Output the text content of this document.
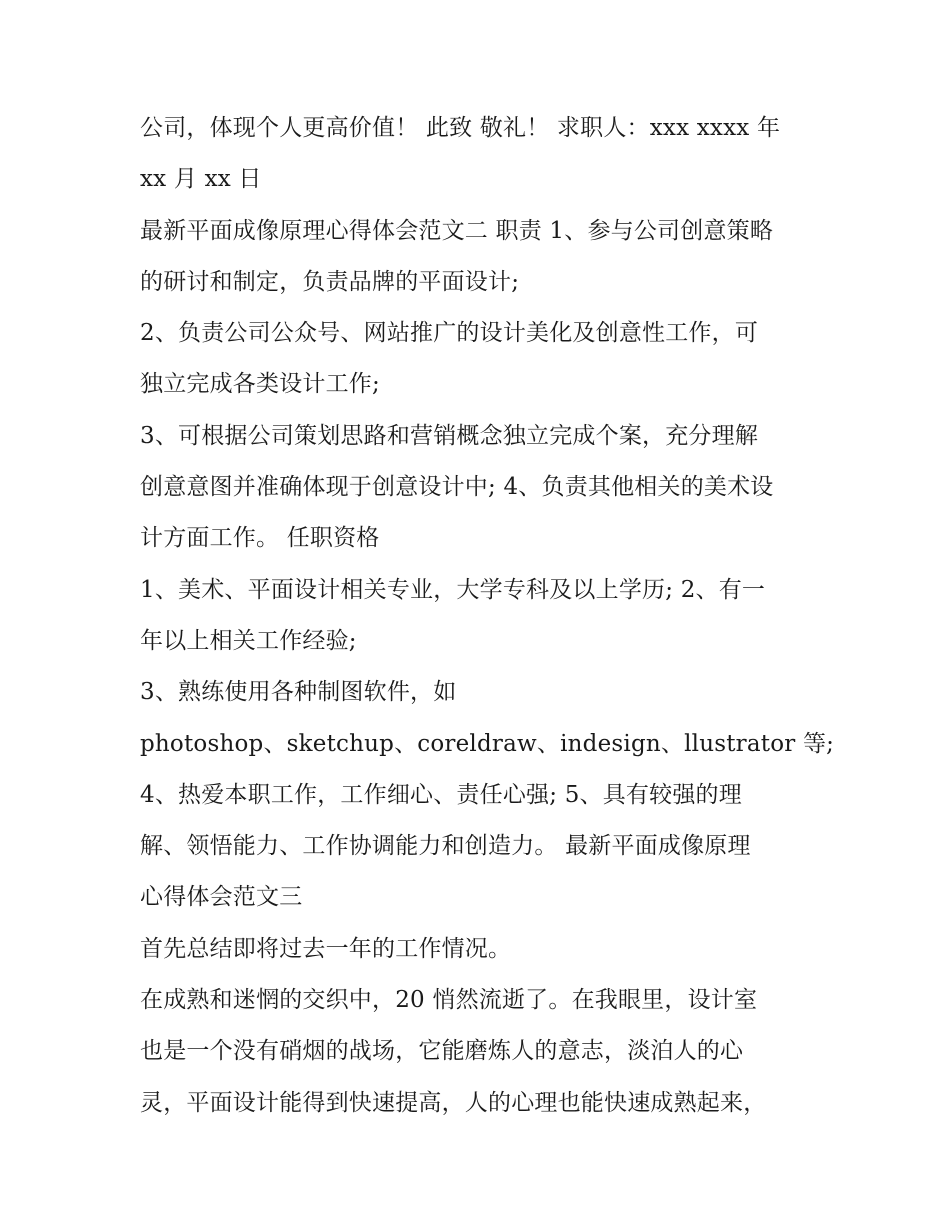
公司，体现个人更高价值！ 此致 敬礼！ 求职人：xxx xxxx 年
xx 月 xx 日
最新平面成像原理心得体会范文二 职责 1、参与公司创意策略
的研讨和制定，负责品牌的平面设计;
2、负责公司公众号、网站推广的设计美化及创意性工作，可
独立完成各类设计工作;
3、可根据公司策划思路和营销概念独立完成个案，充分理解
创意意图并准确体现于创意设计中; 4、负责其他相关的美术设
计方面工作。 任职资格
1、美术、平面设计相关专业，大学专科及以上学历; 2、有一
年以上相关工作经验;
3、熟练使用各种制图软件，如
photoshop、sketchup、coreldraw、indesign、llustrator 等;
4、热爱本职工作，工作细心、责任心强; 5、具有较强的理
解、领悟能力、工作协调能力和创造力。 最新平面成像原理
心得体会范文三
首先总结即将过去一年的工作情况。
在成熟和迷惘的交织中，20 悄然流逝了。在我眼里，设计室
也是一个没有硝烟的战场，它能磨炼人的意志，淡泊人的心
灵，平面设计能得到快速提高，人的心理也能快速成熟起来，
